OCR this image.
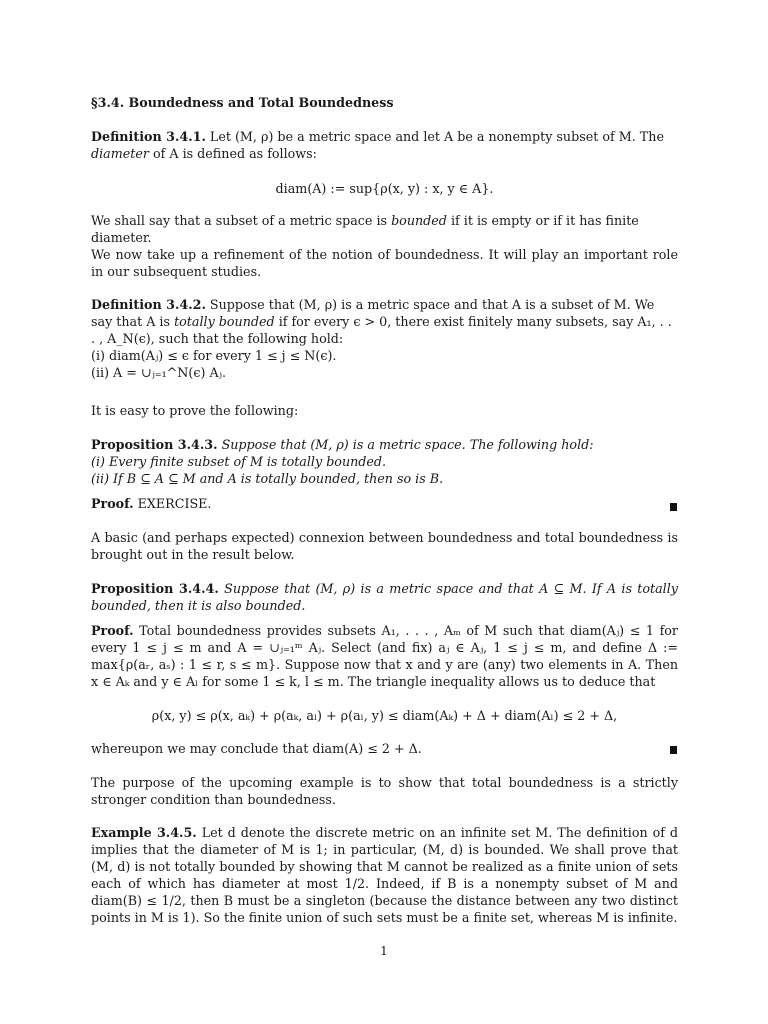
§3.4. Boundedness and Total Boundedness

Definition 3.4.1. Let (M, ρ) be a metric space and let A be a nonempty subset of M. The diameter of A is defined as follows:

diam(A) := sup{ρ(x, y) : x, y ∈ A}.

We shall say that a subset of a metric space is bounded if it is empty or if it has finite diameter.

We now take up a refinement of the notion of boundedness. It will play an important role in our subsequent studies.

Definition 3.4.2. Suppose that (M, ρ) is a metric space and that A is a subset of M. We say that A is totally bounded if for every ϵ > 0, there exist finitely many subsets, say A₁, . . . , A_N(ϵ), such that the following hold:
(i) diam(Aⱼ) ≤ ϵ for every 1 ≤ j ≤ N(ϵ).
(ii) A = ∪ⱼ₌₁^N(ϵ) Aⱼ.

It is easy to prove the following:

Proposition 3.4.3. Suppose that (M, ρ) is a metric space. The following hold:
(i) Every finite subset of M is totally bounded.
(ii) If B ⊆ A ⊆ M and A is totally bounded, then so is B.

Proof. EXERCISE.

A basic (and perhaps expected) connexion between boundedness and total boundedness is brought out in the result below.

Proposition 3.4.4. Suppose that (M, ρ) is a metric space and that A ⊆ M. If A is totally bounded, then it is also bounded.

Proof. Total boundedness provides subsets A₁, . . . , Aₘ of M such that diam(Aⱼ) ≤ 1 for every 1 ≤ j ≤ m and A = ∪ⱼ₌₁ᵐ Aⱼ. Select (and fix) aⱼ ∈ Aⱼ, 1 ≤ j ≤ m, and define Δ := max{ρ(aᵣ, aₛ) : 1 ≤ r, s ≤ m}. Suppose now that x and y are (any) two elements in A. Then x ∈ Aₖ and y ∈ Aₗ for some 1 ≤ k, l ≤ m. The triangle inequality allows us to deduce that

ρ(x, y) ≤ ρ(x, aₖ) + ρ(aₖ, aₗ) + ρ(aₗ, y) ≤ diam(Aₖ) + Δ + diam(Aₗ) ≤ 2 + Δ,

whereupon we may conclude that diam(A) ≤ 2 + Δ.

The purpose of the upcoming example is to show that total boundedness is a strictly stronger condition than boundedness.

Example 3.4.5. Let d denote the discrete metric on an infinite set M. The definition of d implies that the diameter of M is 1; in particular, (M, d) is bounded. We shall prove that (M, d) is not totally bounded by showing that M cannot be realized as a finite union of sets each of which has diameter at most 1/2. Indeed, if B is a nonempty subset of M and diam(B) ≤ 1/2, then B must be a singleton (because the distance between any two distinct points in M is 1). So the finite union of such sets must be a finite set, whereas M is infinite.

1
